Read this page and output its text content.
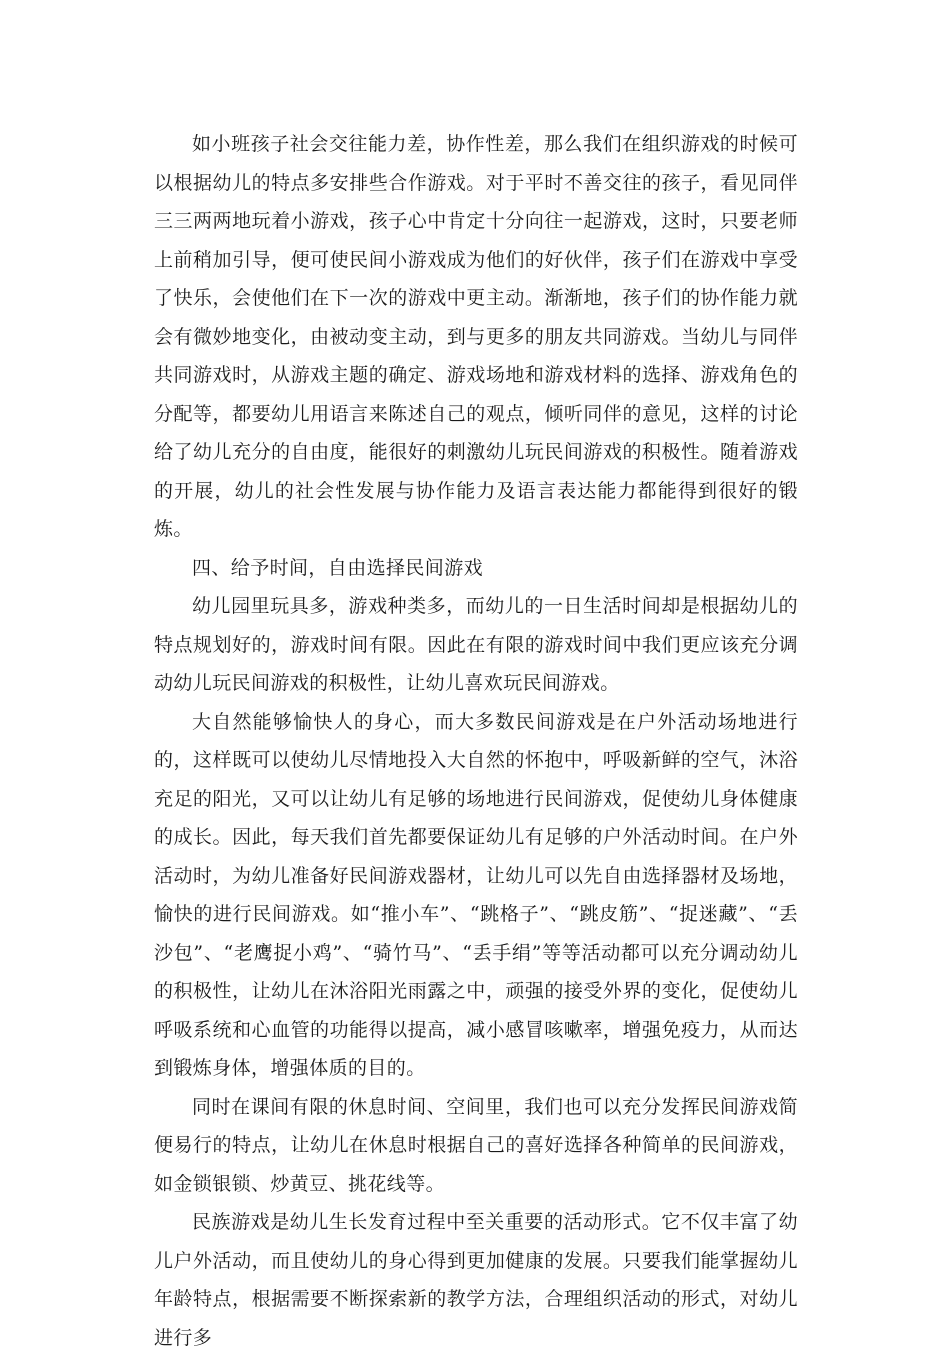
如小班孩子社会交往能力差，协作性差，那么我们在组织游戏的时候可以根据幼儿的特点多安排些合作游戏。对于平时不善交往的孩子，看见同伴三三两两地玩着小游戏，孩子心中肯定十分向往一起游戏，这时，只要老师上前稍加引导，便可使民间小游戏成为他们的好伙伴，孩子们在游戏中享受了快乐，会使他们在下一次的游戏中更主动。渐渐地，孩子们的协作能力就会有微妙地变化，由被动变主动，到与更多的朋友共同游戏。当幼儿与同伴共同游戏时，从游戏主题的确定、游戏场地和游戏材料的选择、游戏角色的分配等，都要幼儿用语言来陈述自己的观点，倾听同伴的意见，这样的讨论给了幼儿充分的自由度，能很好的刺激幼儿玩民间游戏的积极性。随着游戏的开展，幼儿的社会性发展与协作能力及语言表达能力都能得到很好的锻炼。

四、给予时间，自由选择民间游戏

幼儿园里玩具多，游戏种类多，而幼儿的一日生活时间却是根据幼儿的特点规划好的，游戏时间有限。因此在有限的游戏时间中我们更应该充分调动幼儿玩民间游戏的积极性，让幼儿喜欢玩民间游戏。

大自然能够愉快人的身心，而大多数民间游戏是在户外活动场地进行的，这样既可以使幼儿尽情地投入大自然的怀抱中，呼吸新鲜的空气，沐浴充足的阳光，又可以让幼儿有足够的场地进行民间游戏，促使幼儿身体健康的成长。因此，每天我们首先都要保证幼儿有足够的户外活动时间。在户外活动时，为幼儿准备好民间游戏器材，让幼儿可以先自由选择器材及场地，愉快的进行民间游戏。如“推小车”、“跳格子”、“跳皮筋”、“捉迷藏”、“丢沙包”、“老鹰捉小鸡”、“骑竹马”、“丢手绢”等等活动都可以充分调动幼儿的积极性，让幼儿在沐浴阳光雨露之中，顽强的接受外界的变化，促使幼儿呼吸系统和心血管的功能得以提高，减小感冒咳嗽率，增强免疫力，从而达到锻炼身体，增强体质的目的。

同时在课间有限的休息时间、空间里，我们也可以充分发挥民间游戏简便易行的特点，让幼儿在休息时根据自己的喜好选择各种简单的民间游戏，如金锁银锁、炒黄豆、挑花线等。

民族游戏是幼儿生长发育过程中至关重要的活动形式。它不仅丰富了幼儿户外活动，而且使幼儿的身心得到更加健康的发展。只要我们能掌握幼儿年龄特点，根据需要不断探索新的教学方法，合理组织活动的形式，对幼儿进行多
